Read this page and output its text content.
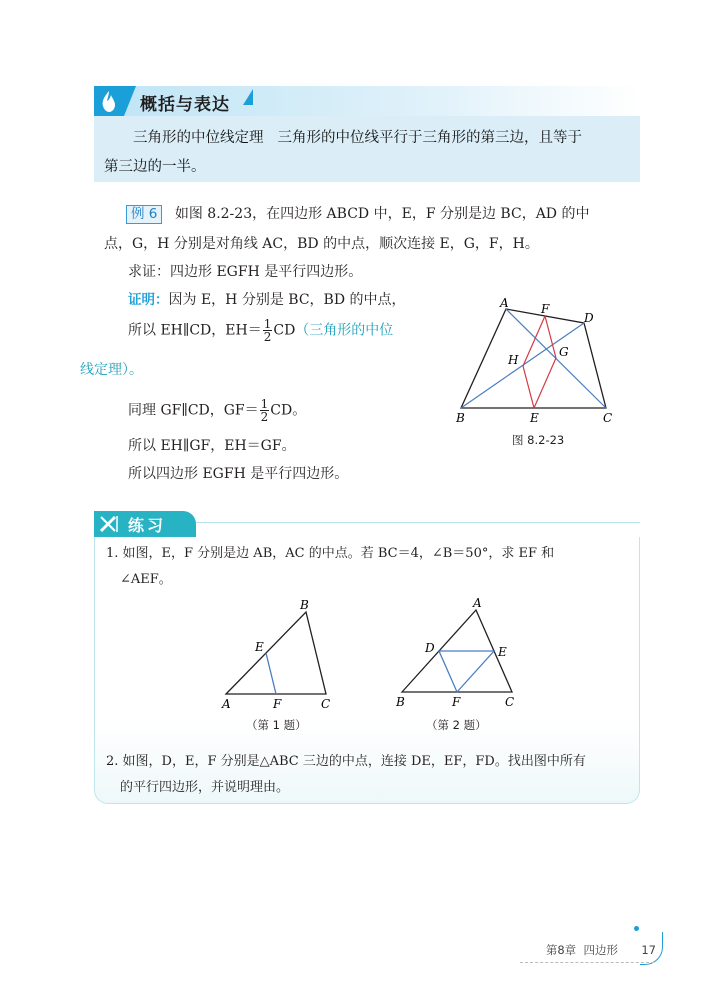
概括与表达
三角形的中位线定理 三角形的中位线平行于三角形的第三边，且等于
第三边的一半。
例 6 如图 8.2-23，在四边形 ABCD 中，E，F 分别是边 BC，AD 的中
点，G，H 分别是对角线 AC，BD 的中点，顺次连接 E，G，F，H。
求证：四边形 EGFH 是平行四边形。
证明：因为 E，H 分别是 BC，BD 的中点，
所以 EH∥CD，$EH= \frac{1}{2} CD$（三角形的中位
线定理）。
同理 GF∥CD，$GF= \frac{1}{2}$ CD。
所以 EH∥GF，EH＝GF。
所以四边形 EGFH 是平行四边形。
A	F
D
H
G
B	E	C
图 8.2-23
练习
1. 如图，E，F 分别是边 AB，AC 的中点。若 BC＝4，∠B＝50°，求 EF 和
∠AEF。
B
E
A	F	C
（第 1 题）
A
D	E
B	F	C
（第 2 题）
2. 如图，D，E，F 分别是△ABC 三边的中点，连接 DE，EF，FD。找出图中所有
的平行四边形，并说明理由。
第8章 四边形 17
